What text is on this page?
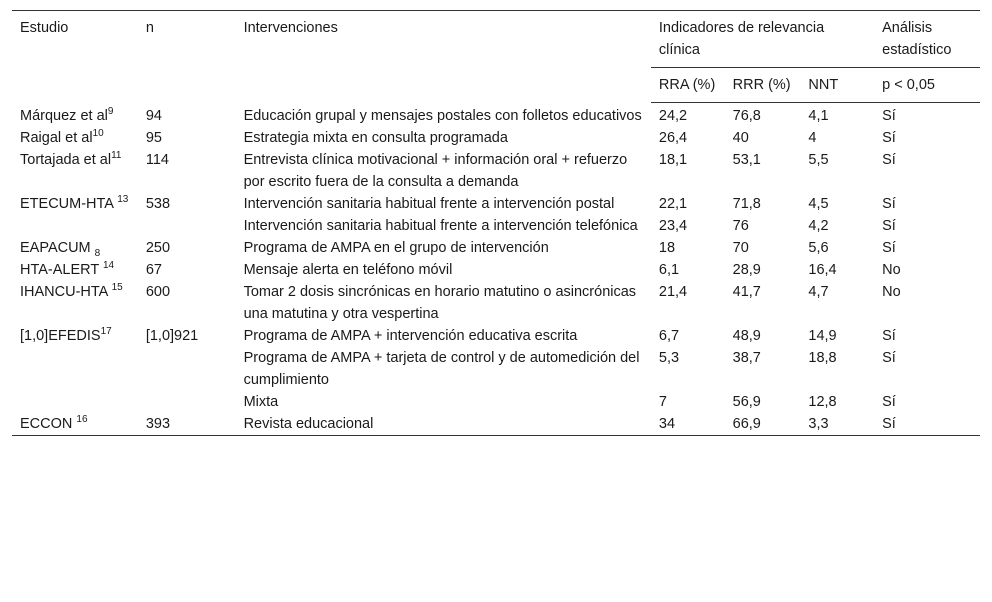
Estudio	n	Intervenciones	Indicadores de relevancia clínica			Análisis estadístico
			RRA (%)	RRR (%)	NNT	p < 0,05
Márquez et $al^9$	94	Educación grupal y mensajes postales con folletos educativos	24,2	76,8	4,1	Sí
Raigal et $al^{10}$	95	Estrategia mixta en consulta programada	26,4	40	4	Sí
Tortajada et $al^{11}$	114	Entrevista clínica motivacional + información oral + refuerzo por escrito fuera de la consulta a demanda	18,1	53,1	5,5	Sí
ETECUM-HTA $^{13}$	538	Intervención sanitaria habitual frente a intervención postal	22,1	71,8	4,5	Sí
		Intervención sanitaria habitual frente a intervención telefónica	23,4	76	4,2	Sí
EAPACUM $_8$	250	Programa de AMPA en el grupo de intervención	18	70	5,6	Sí
HTA-ALERT $^{14}$	67	Mensaje alerta en teléfono móvil	6,1	28,9	16,4	No
IHANCU-HTA $^{15}$	600	Tomar 2 dosis sincrónicas en horario matutino o asincrónicas una matutina y otra vespertina	21,4	41,7	4,7	No
[1,0]EFEDIS$^{17}$	[1,0]921	Programa de AMPA + intervención educativa escrita	6,7	48,9	14,9	Sí
		Programa de AMPA + tarjeta de control y de automedición del cumplimiento	5,3	38,7	18,8	Sí
		Mixta	7	56,9	12,8	Sí
ECCON $^{16}$	393	Revista educacional	34	66,9	3,3	Sí
